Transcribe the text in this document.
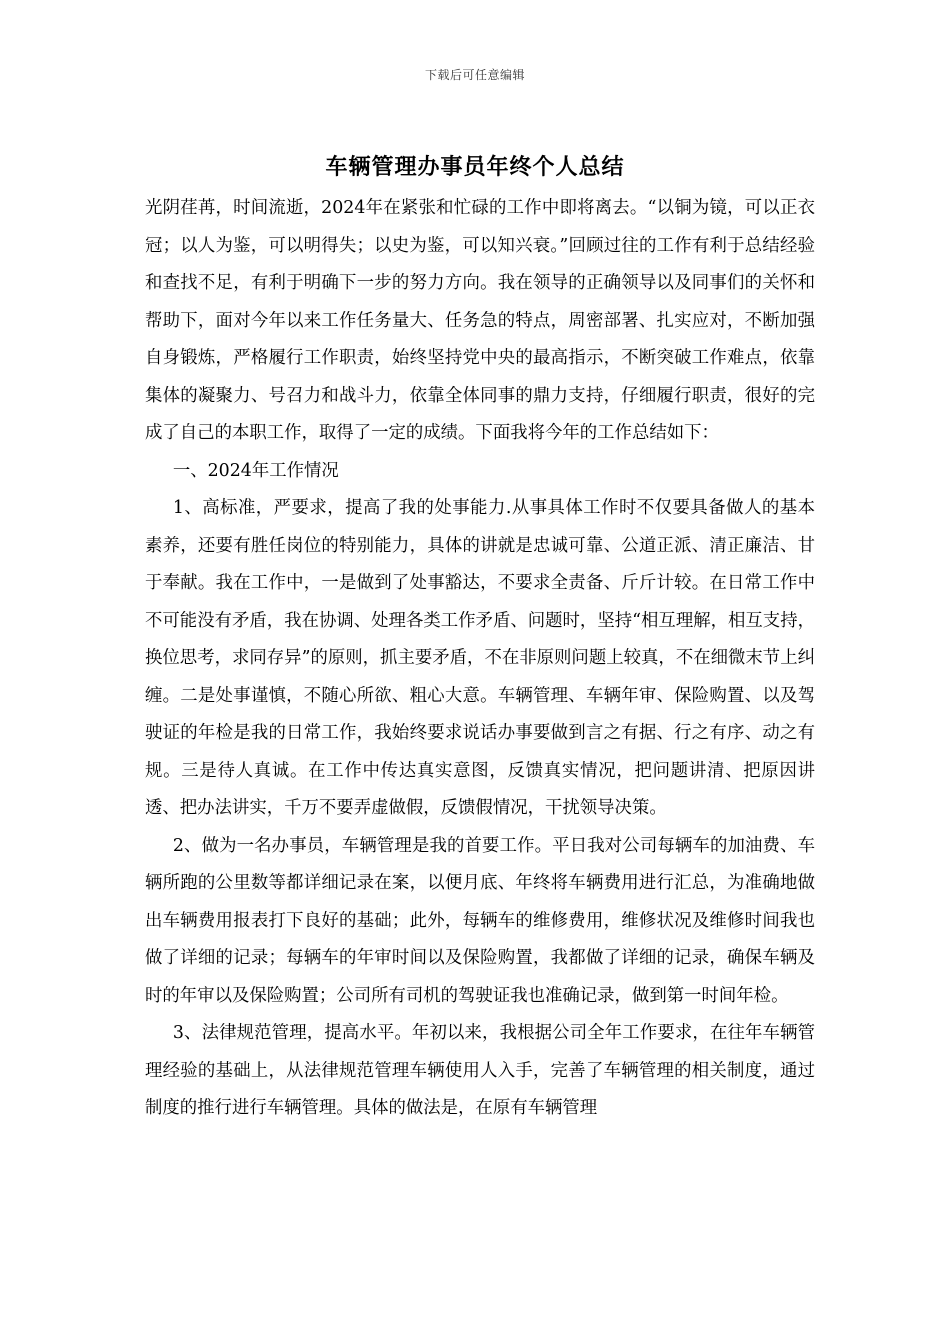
下载后可任意编辑
车辆管理办事员年终个人总结

光阴荏苒，时间流逝，2024年在紧张和忙碌的工作中即将离去。“以铜为镜，可以正衣冠；以人为鉴，可以明得失；以史为鉴，可以知兴衰。”回顾过往的工作有利于总结经验和查找不足，有利于明确下一步的努力方向。我在领导的正确领导以及同事们的关怀和帮助下，面对今年以来工作任务量大、任务急的特点，周密部署、扎实应对，不断加强自身锻炼，严格履行工作职责，始终坚持党中央的最高指示，不断突破工作难点，依靠集体的凝聚力、号召力和战斗力，依靠全体同事的鼎力支持，仔细履行职责，很好的完成了自己的本职工作，取得了一定的成绩。下面我将今年的工作总结如下：

一、2024年工作情况

1、高标准，严要求，提高了我的处事能力.从事具体工作时不仅要具备做人的基本素养，还要有胜任岗位的特别能力，具体的讲就是忠诚可靠、公道正派、清正廉洁、甘于奉献。我在工作中，一是做到了处事豁达，不要求全责备、斤斤计较。在日常工作中不可能没有矛盾，我在协调、处理各类工作矛盾、问题时，坚持“相互理解，相互支持，换位思考，求同存异”的原则，抓主要矛盾，不在非原则问题上较真，不在细微末节上纠缠。二是处事谨慎，不随心所欲、粗心大意。车辆管理、车辆年审、保险购置、以及驾驶证的年检是我的日常工作，我始终要求说话办事要做到言之有据、行之有序、动之有规。三是待人真诚。在工作中传达真实意图，反馈真实情况，把问题讲清、把原因讲透、把办法讲实，千万不要弄虚做假，反馈假情况，干扰领导决策。

2、做为一名办事员，车辆管理是我的首要工作。平日我对公司每辆车的加油费、车辆所跑的公里数等都详细记录在案，以便月底、年终将车辆费用进行汇总，为准确地做出车辆费用报表打下良好的基础；此外，每辆车的维修费用，维修状况及维修时间我也做了详细的记录；每辆车的年审时间以及保险购置，我都做了详细的记录，确保车辆及时的年审以及保险购置；公司所有司机的驾驶证我也准确记录，做到第一时间年检。

3、法律规范管理，提高水平。年初以来，我根据公司全年工作要求，在往年车辆管理经验的基础上，从法律规范管理车辆使用人入手，完善了车辆管理的相关制度，通过制度的推行进行车辆管理。具体的做法是，在原有车辆管理
